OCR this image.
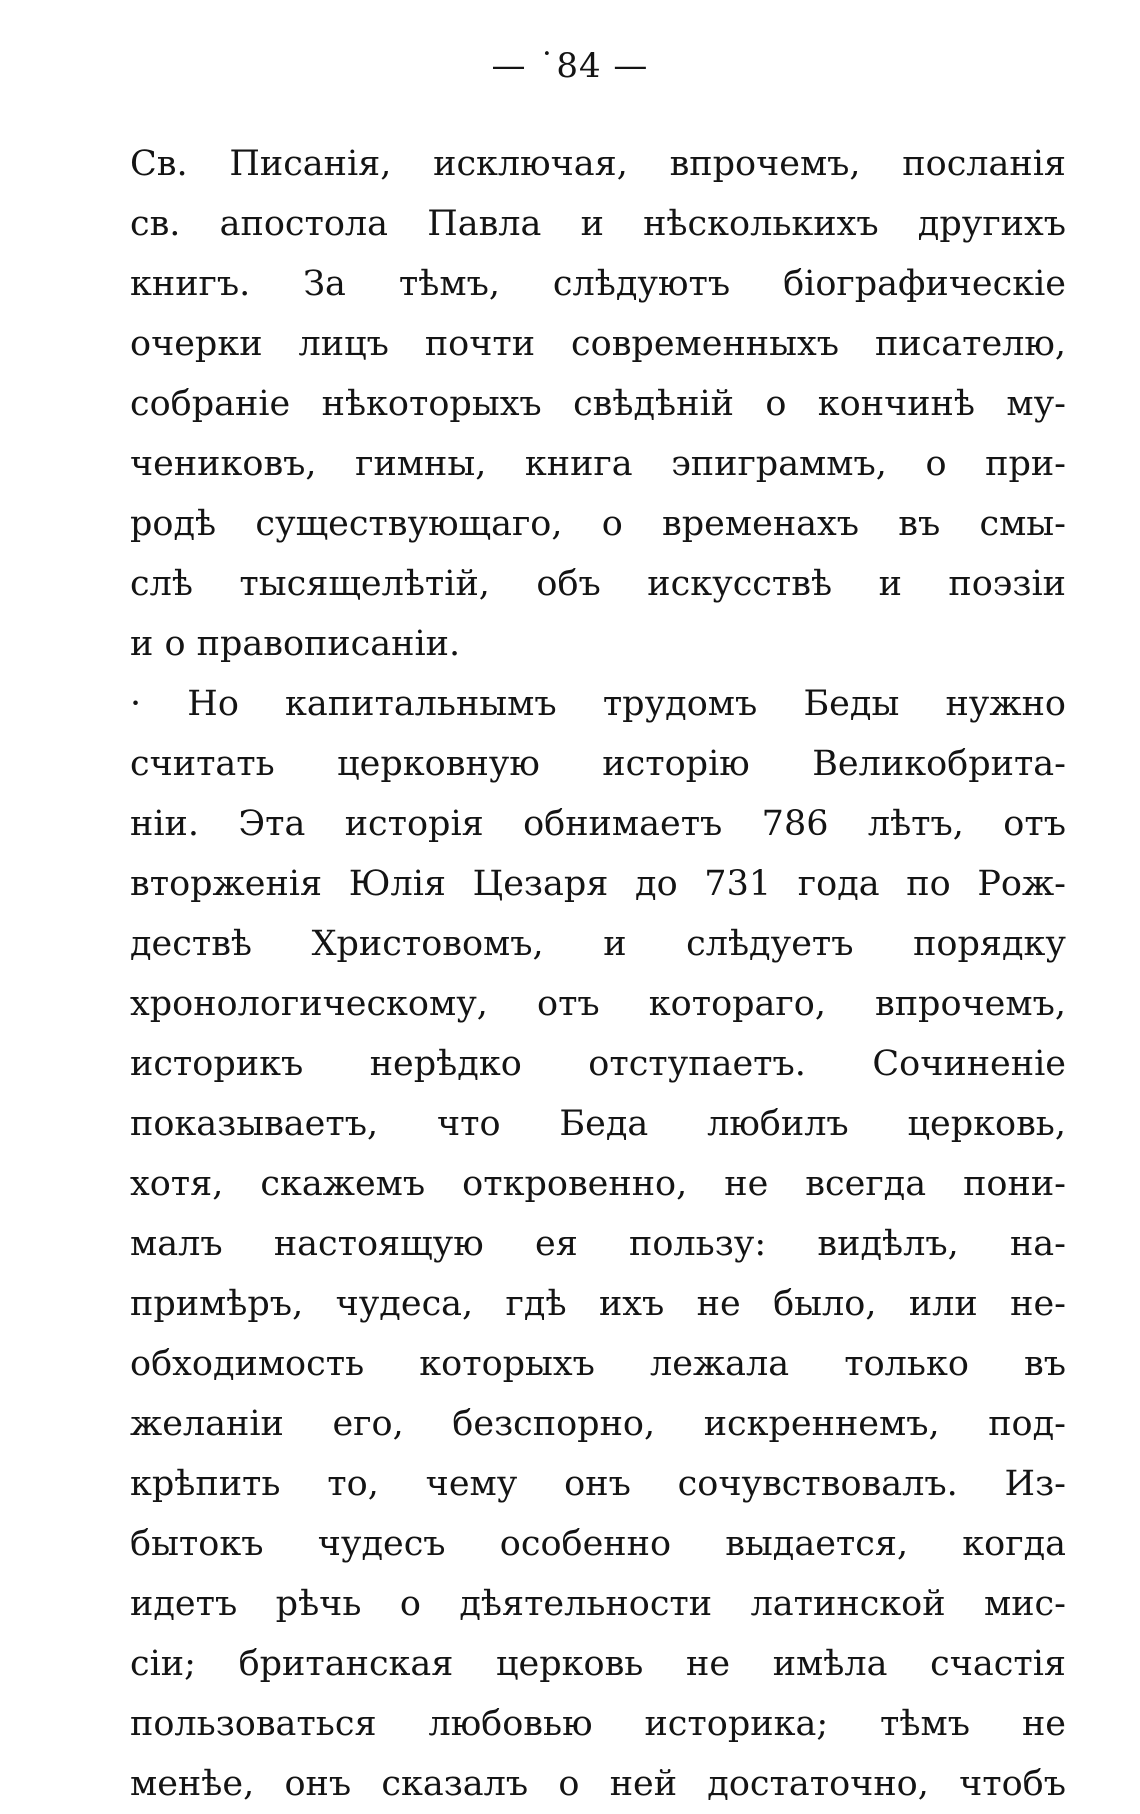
— ˙84 —
Св. Писанія, исключая, впрочемъ, посланія
св. апостола Павла и нѣсколькихъ другихъ
книгъ. За тѣмъ, слѣдуютъ біографическіе
очерки лицъ почти современныхъ писателю,
собраніе нѣкоторыхъ свѣдѣній о кончинѣ му-
чениковъ, гимны, книга эпиграммъ, о при-
родѣ существующаго, о временахъ въ смы-
слѣ тысящелѣтій, объ искусствѣ и поэзіи
и о правописаніи.
· Но капитальнымъ трудомъ Беды нужно
считать церковную исторію Великобрита-
ніи. Эта исторія обнимаетъ 786 лѣтъ, отъ
вторженія Юлія Цезаря до 731 года по Рож-
деcтвѣ Христовомъ, и слѣдуетъ порядку
хронологическому, отъ котораго, впрочемъ,
историкъ нерѣдко отступаетъ. Сочиненіе
показываетъ, что Беда любилъ церковь,
хотя, скажемъ откровенно, не всегда пони-
малъ настоящую ея пользу: видѣлъ, на-
примѣръ, чудеса, гдѣ ихъ не было, или не-
обходимость которыхъ лежала только въ
желаніи его, безспорно, искреннемъ, под-
крѣпить то, чему онъ сочувствовалъ. Из-
бытокъ чудесъ особенно выдается, когда
идетъ рѣчь о дѣятельности латинской мис-
сіи; британская церковь не имѣла счастія
пользоваться любовью историка; тѣмъ не
менѣе, онъ сказалъ о ней достаточно, чтобъ
